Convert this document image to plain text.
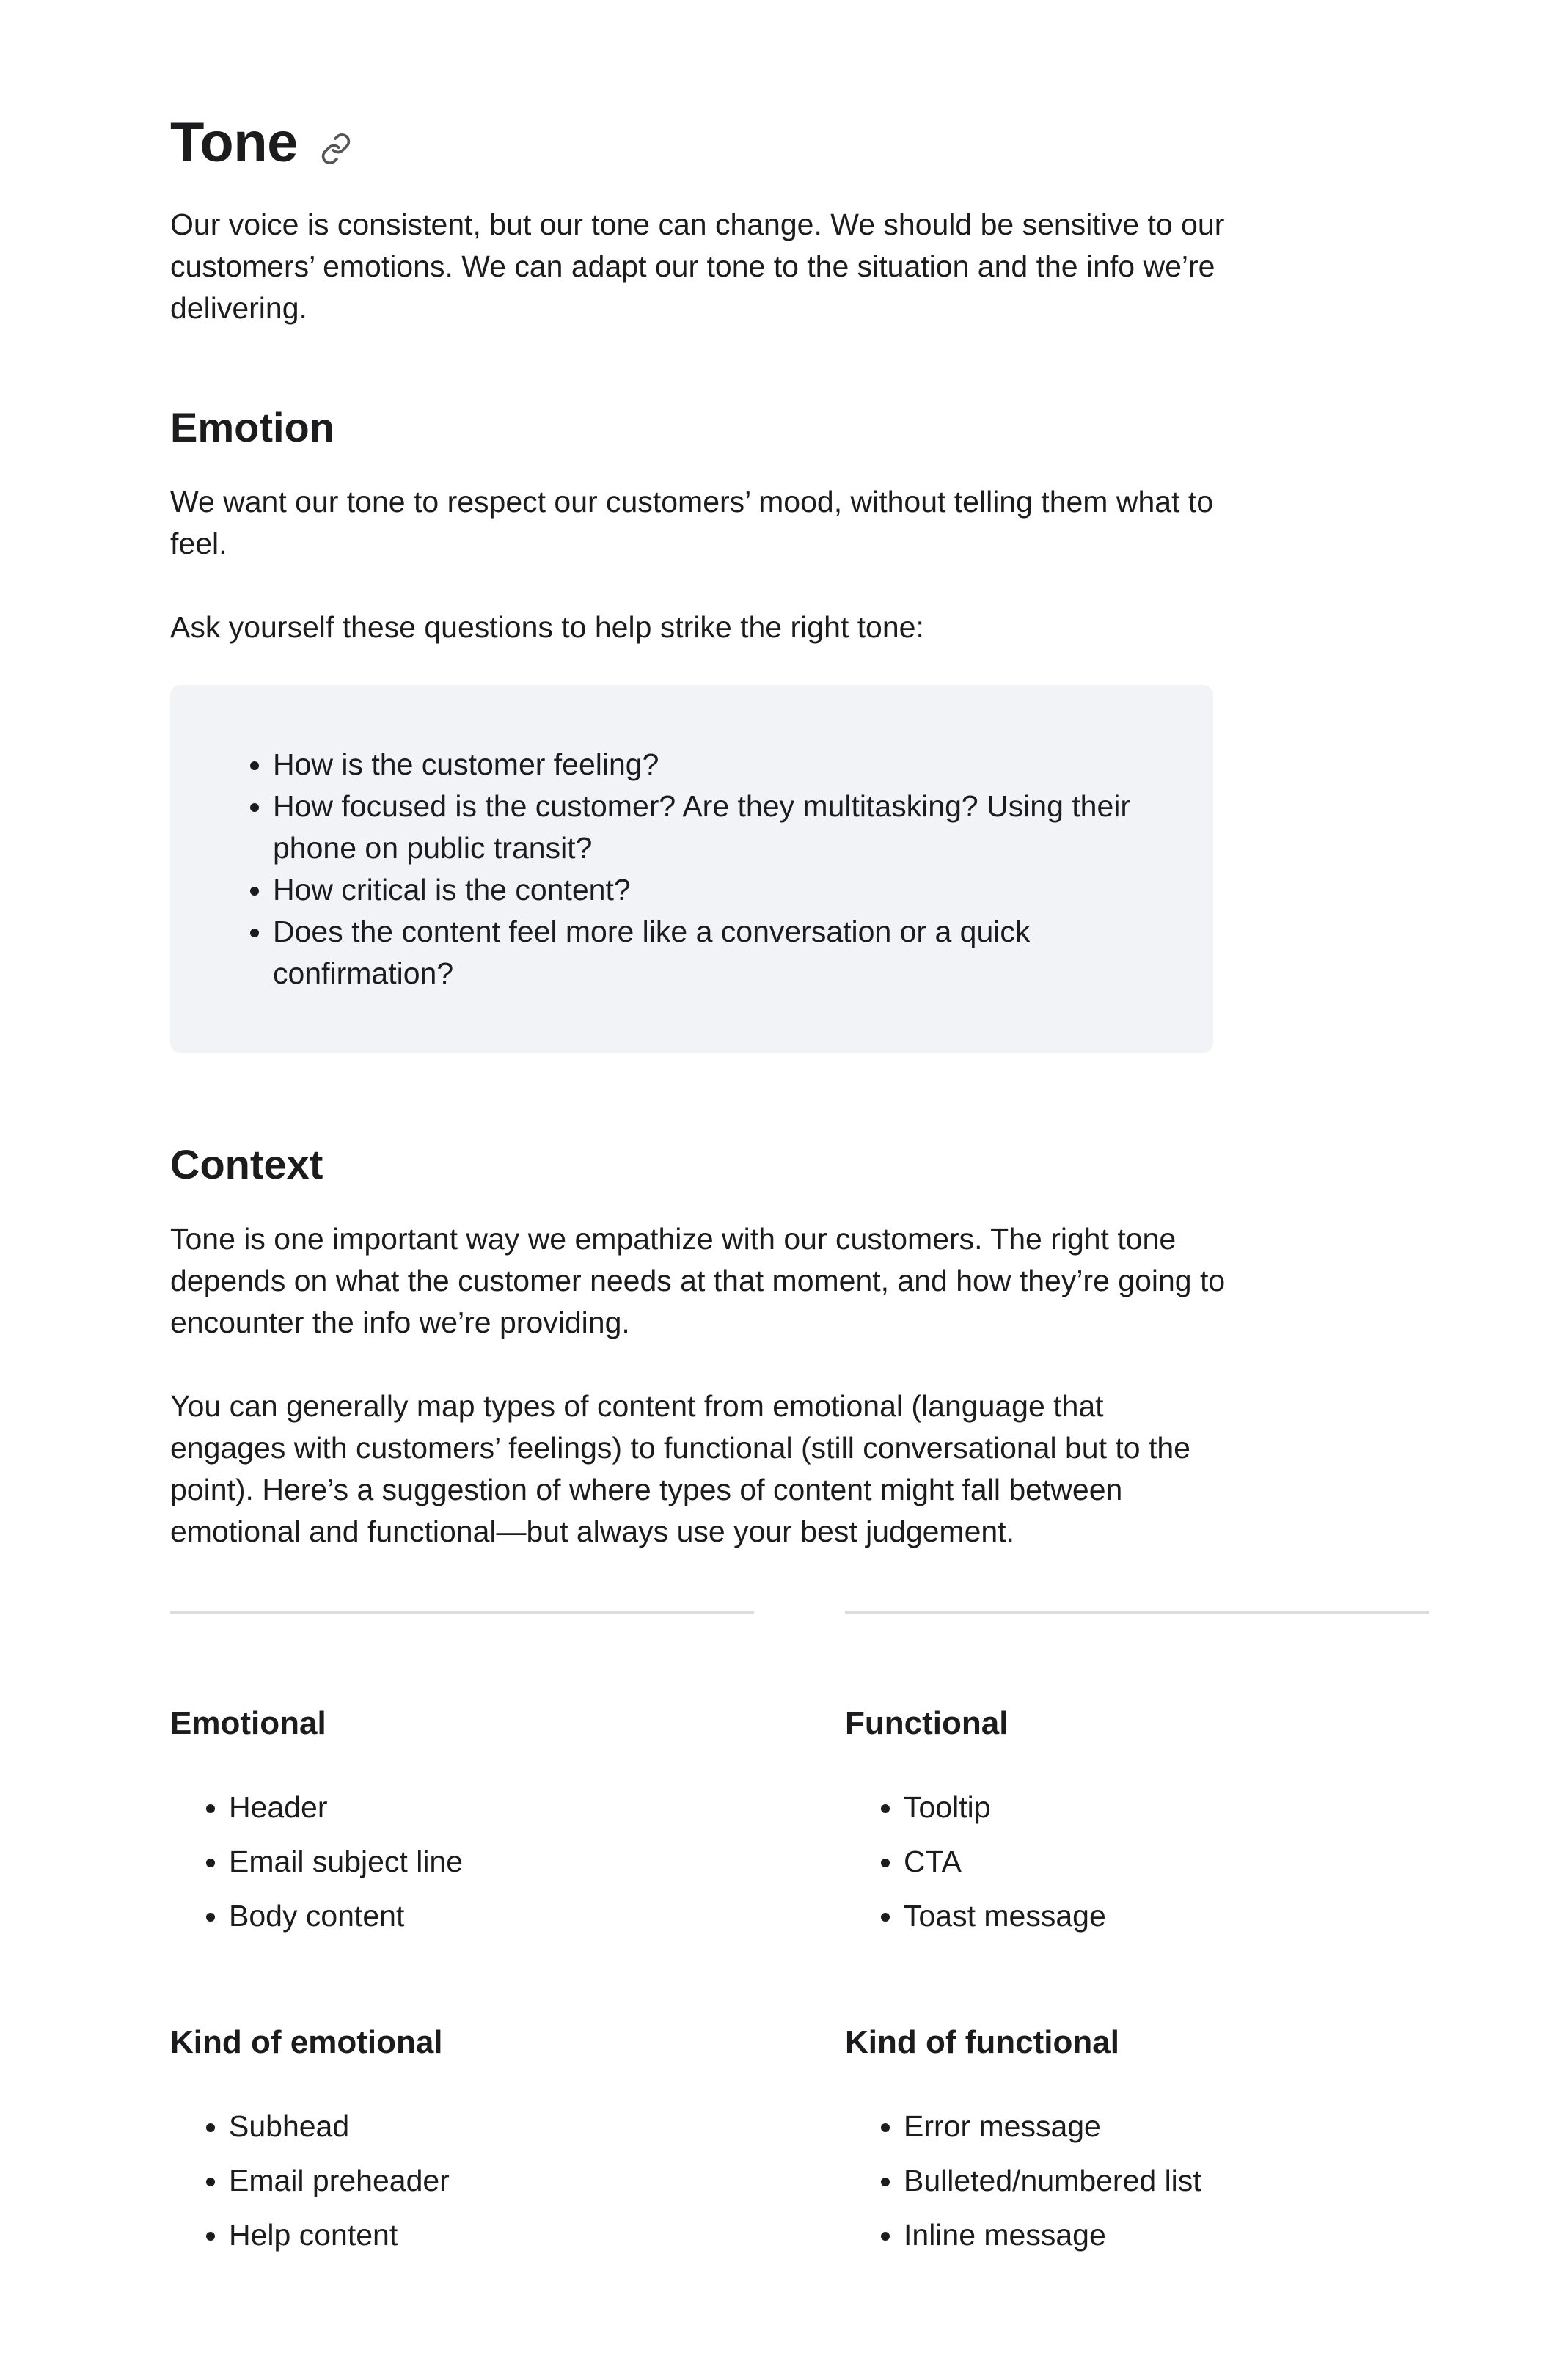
Tone

Our voice is consistent, but our tone can change. We should be sensitive to our customers’ emotions. We can adapt our tone to the situation and the info we’re delivering.

Emotion

We want our tone to respect our customers’ mood, without telling them what to feel.

Ask yourself these questions to help strike the right tone:

• How is the customer feeling?
• How focused is the customer? Are they multitasking? Using their phone on public transit?
• How critical is the content?
• Does the content feel more like a conversation or a quick confirmation?
Context

Tone is one important way we empathize with our customers. The right tone depends on what the customer needs at that moment, and how they’re going to encounter the info we’re providing.

You can generally map types of content from emotional (language that engages with customers’ feelings) to functional (still conversational but to the point). Here’s a suggestion of where types of content might fall between emotional and functional—but always use your best judgement.

Emotional
• Header
• Email subject line
• Body content
Kind of emotional
• Subhead
• Email preheader
• Help content
Functional
• Tooltip
• CTA
• Toast message
Kind of functional
• Error message
• Bulleted/numbered list
• Inline message
